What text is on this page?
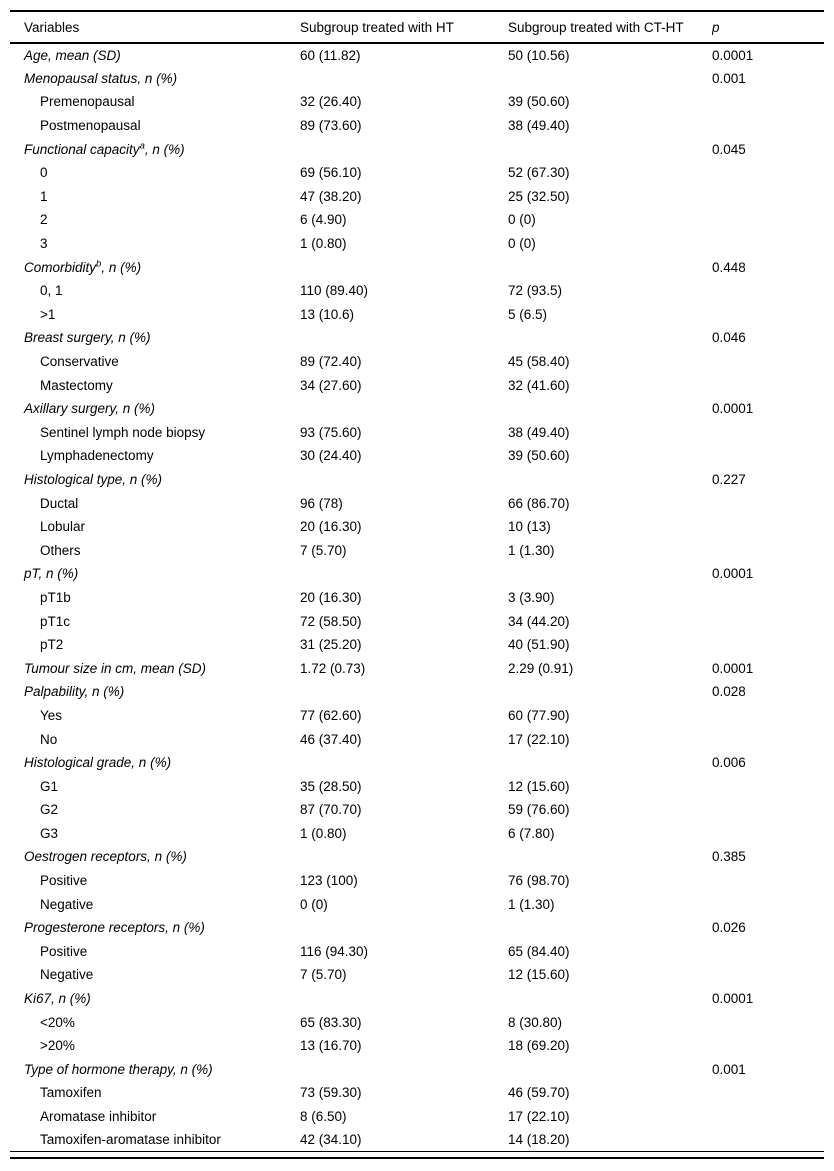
Variables	Subgroup treated with HT	Subgroup treated with CT-HT	p
Age, mean (SD)	60 (11.82)	50 (10.56)	0.0001
Menopausal status, n (%)			0.001
Premenopausal	32 (26.40)	39 (50.60)	
Postmenopausal	89 (73.60)	38 (49.40)	
Functional capacity$^a$, n (%)			0.045
0	69 (56.10)	52 (67.30)	
1	47 (38.20)	25 (32.50)	
2	6 (4.90)	0 (0)	
3	1 (0.80)	0 (0)	
Comorbidity$^b$, n (%)			0.448
0, 1	110 (89.40)	72 (93.5)	
>1	13 (10.6)	5 (6.5)	
Breast surgery, n (%)			0.046
Conservative	89 (72.40)	45 (58.40)	
Mastectomy	34 (27.60)	32 (41.60)	
Axillary surgery, n (%)			0.0001
Sentinel lymph node biopsy	93 (75.60)	38 (49.40)	
Lymphadenectomy	30 (24.40)	39 (50.60)	
Histological type, n (%)			0.227
Ductal	96 (78)	66 (86.70)	
Lobular	20 (16.30)	10 (13)	
Others	7 (5.70)	1 (1.30)	
pT, n (%)			0.0001
pT1b	20 (16.30)	3 (3.90)	
pT1c	72 (58.50)	34 (44.20)	
pT2	31 (25.20)	40 (51.90)	
Tumour size in cm, mean (SD)	1.72 (0.73)	2.29 (0.91)	0.0001
Palpability, n (%)			0.028
Yes	77 (62.60)	60 (77.90)	
No	46 (37.40)	17 (22.10)	
Histological grade, n (%)			0.006
G1	35 (28.50)	12 (15.60)	
G2	87 (70.70)	59 (76.60)	
G3	1 (0.80)	6 (7.80)	
Oestrogen receptors, n (%)			0.385
Positive	123 (100)	76 (98.70)	
Negative	0 (0)	1 (1.30)	
Progesterone receptors, n (%)			0.026
Positive	116 (94.30)	65 (84.40)	
Negative	7 (5.70)	12 (15.60)	
Ki67, n (%)			0.0001
<20%	65 (83.30)	8 (30.80)	
>20%	13 (16.70)	18 (69.20)	
Type of hormone therapy, n (%)			0.001
Tamoxifen	73 (59.30)	46 (59.70)	
Aromatase inhibitor	8 (6.50)	17 (22.10)	
Tamoxifen-aromatase inhibitor	42 (34.10)	14 (18.20)	
